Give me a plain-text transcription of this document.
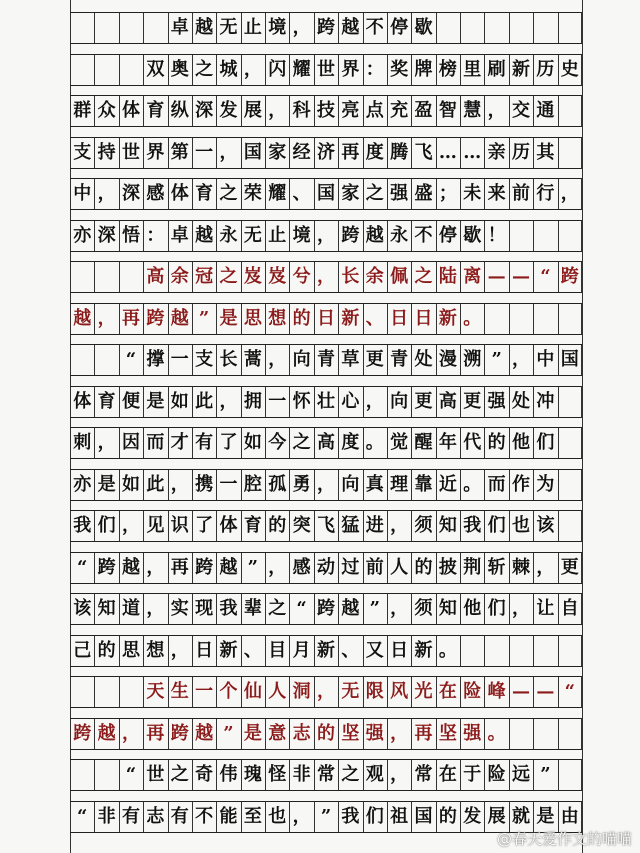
卓 越 无 止 境 ， 跨 越 不 停 歇

双 奥 之 城 ， 闪 耀 世 界 ： 奖 牌 榜 里 刷 新 历 史
群 众 体 育 纵 深 发 展 ， 科 技 亮 点 充 盈 智 慧 ， 交 通
支 持 世 界 第 一 ， 国 家 经 济 再 度 腾 飞 … … 亲 历 其
中 ， 深 感 体 育 之 荣 耀 、 国 家 之 强 盛 ； 未 来 前 行 ，
亦 深 悟 ： 卓 越 永 无 止 境 ， 跨 越 永 不 停 歇 ！

高 余 冠 之 岌 岌 兮 ， 长 余 佩 之 陆 离 — — “ 跨
越 ， 再 跨 越 ” 是 思 想 的 日 新 、 日 日 新 。

“ 撑 一 支 长 蒿 ， 向 青 草 更 青 处 漫 溯 ” ， 中 国
体 育 便 是 如 此 ， 拥 一 怀 壮 心 ， 向 更 高 更 强 处 冲
刺 ， 因 而 才 有 了 如 今 之 高 度 。 觉 醒 年 代 的 他 们
亦 是 如 此 ， 携 一 腔 孤 勇 ， 向 真 理 靠 近 。 而 作 为
我 们 ， 见 识 了 体 育 的 突 飞 猛 进 ， 须 知 我 们 也 该
“ 跨 越 ， 再 跨 越 ” ， 感 动 过 前 人 的 披 荆 斩 棘 ， 更
该 知 道 ， 实 现 我 辈 之 “ 跨 越 ” ， 须 知 他 们 ， 让 自
己 的 思 想 ， 日 新 、 目 月 新 、 又 日 新 。

天 生 一 个 仙 人 洞 ， 无 限 风 光 在 险 峰 — — “
跨 越 ， 再 跨 越 ” 是 意 志 的 坚 强 ， 再 坚 强 。

“ 世 之 奇 伟 瑰 怪 非 常 之 观 ， 常 在 于 险 远 ”
“ 非 有 志 有 不 能 至 也 ， ” 我 们 祖 国 的 发 展 就 是 由
@春天爱作文的喵喵
